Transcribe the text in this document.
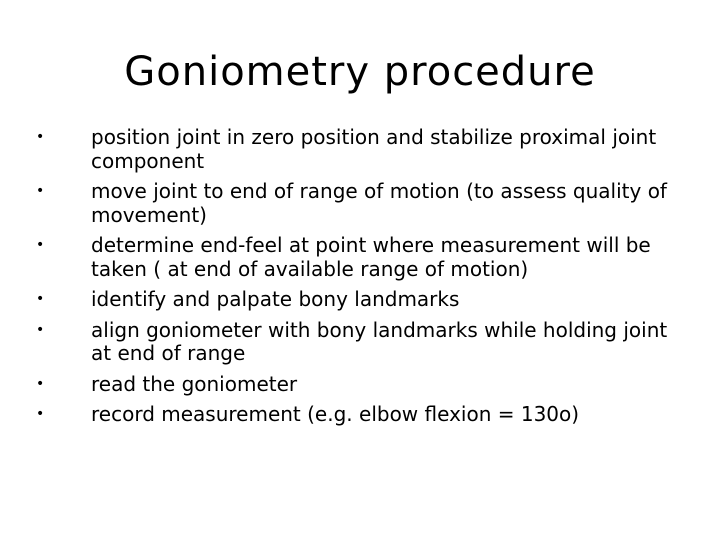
Goniometry procedure
•	position joint in zero position and stabilize proximal joint component
•	move joint to end of range of motion (to assess quality of movement)
•	determine end-feel at point where measurement will be taken ( at end of available range of motion)
•	identify and palpate bony landmarks
•	align goniometer with bony landmarks while holding joint at end of range
•	read the goniometer
•	record measurement (e.g. elbow flexion = 130o)
